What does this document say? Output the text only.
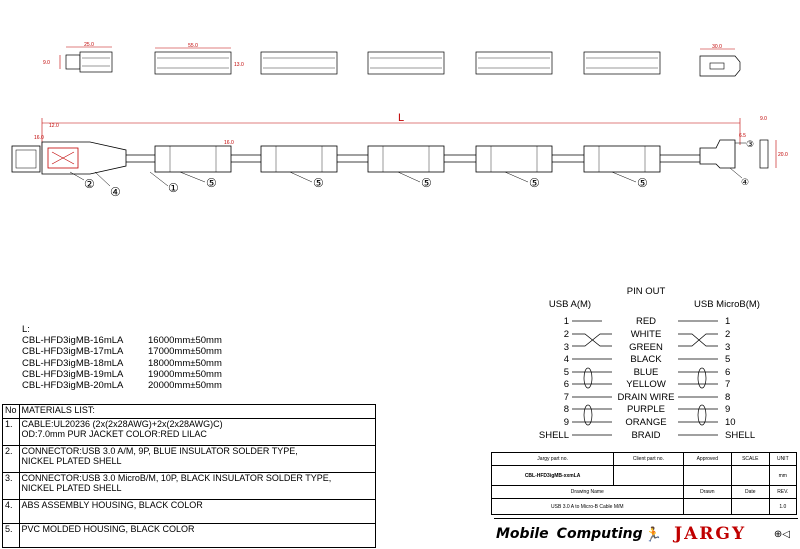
25.0
9.0
55.0
13.0
30.0
L
12.0
16.0
16.0
9.0
20.0
6.5
①
②
④
⑤	⑤	⑤	⑤	⑤	④
③
PIN OUT
USB A(M)	USB MicroB(M)
1	RED	1
2	WHITE	2
3	GREEN	3
4	BLACK	5
5	BLUE	6
6	YELLOW	7
7	DRAIN WIRE	8
8	PURPLE	9
9	ORANGE	10
SHELL	BRAID	SHELL
L:
CBL-HFD3igMB-16mLA	16000mm±50mm
CBL-HFD3igMB-17mLA	17000mm±50mm
CBL-HFD3igMB-18mLA	18000mm±50mm
CBL-HFD3igMB-19mLA	19000mm±50mm
CBL-HFD3igMB-20mLA	20000mm±50mm
No	MATERIALS LIST:
1.	CABLE:UL20236 (2x(2x28AWG)+2x(2x28AWG)C)
OD:7.0mm PUR JACKET COLOR:RED LILAC
2.	CONNECTOR:USB 3.0 A/M, 9P, BLUE INSULATOR SOLDER TYPE,
NICKEL PLATED SHELL
3.	CONNECTOR:USB 3.0 MicroB/M, 10P, BLACK INSULATOR SOLDER TYPE,
NICKEL PLATED SHELL
4.	ABS ASSEMBLY HOUSING, BLACK COLOR
5.	PVC MOLDED HOUSING, BLACK COLOR
Jargy part no.	Client part no.	Approved	SCALE	UNIT
CBL-HFD3igMB-xxmLA				mm
Drawing Name		Drawn	Date	REV.
USB 3.0 A to Micro-B Cable M/M				1.0
Mobile Computing 🏃 JARGY	⊕◁
